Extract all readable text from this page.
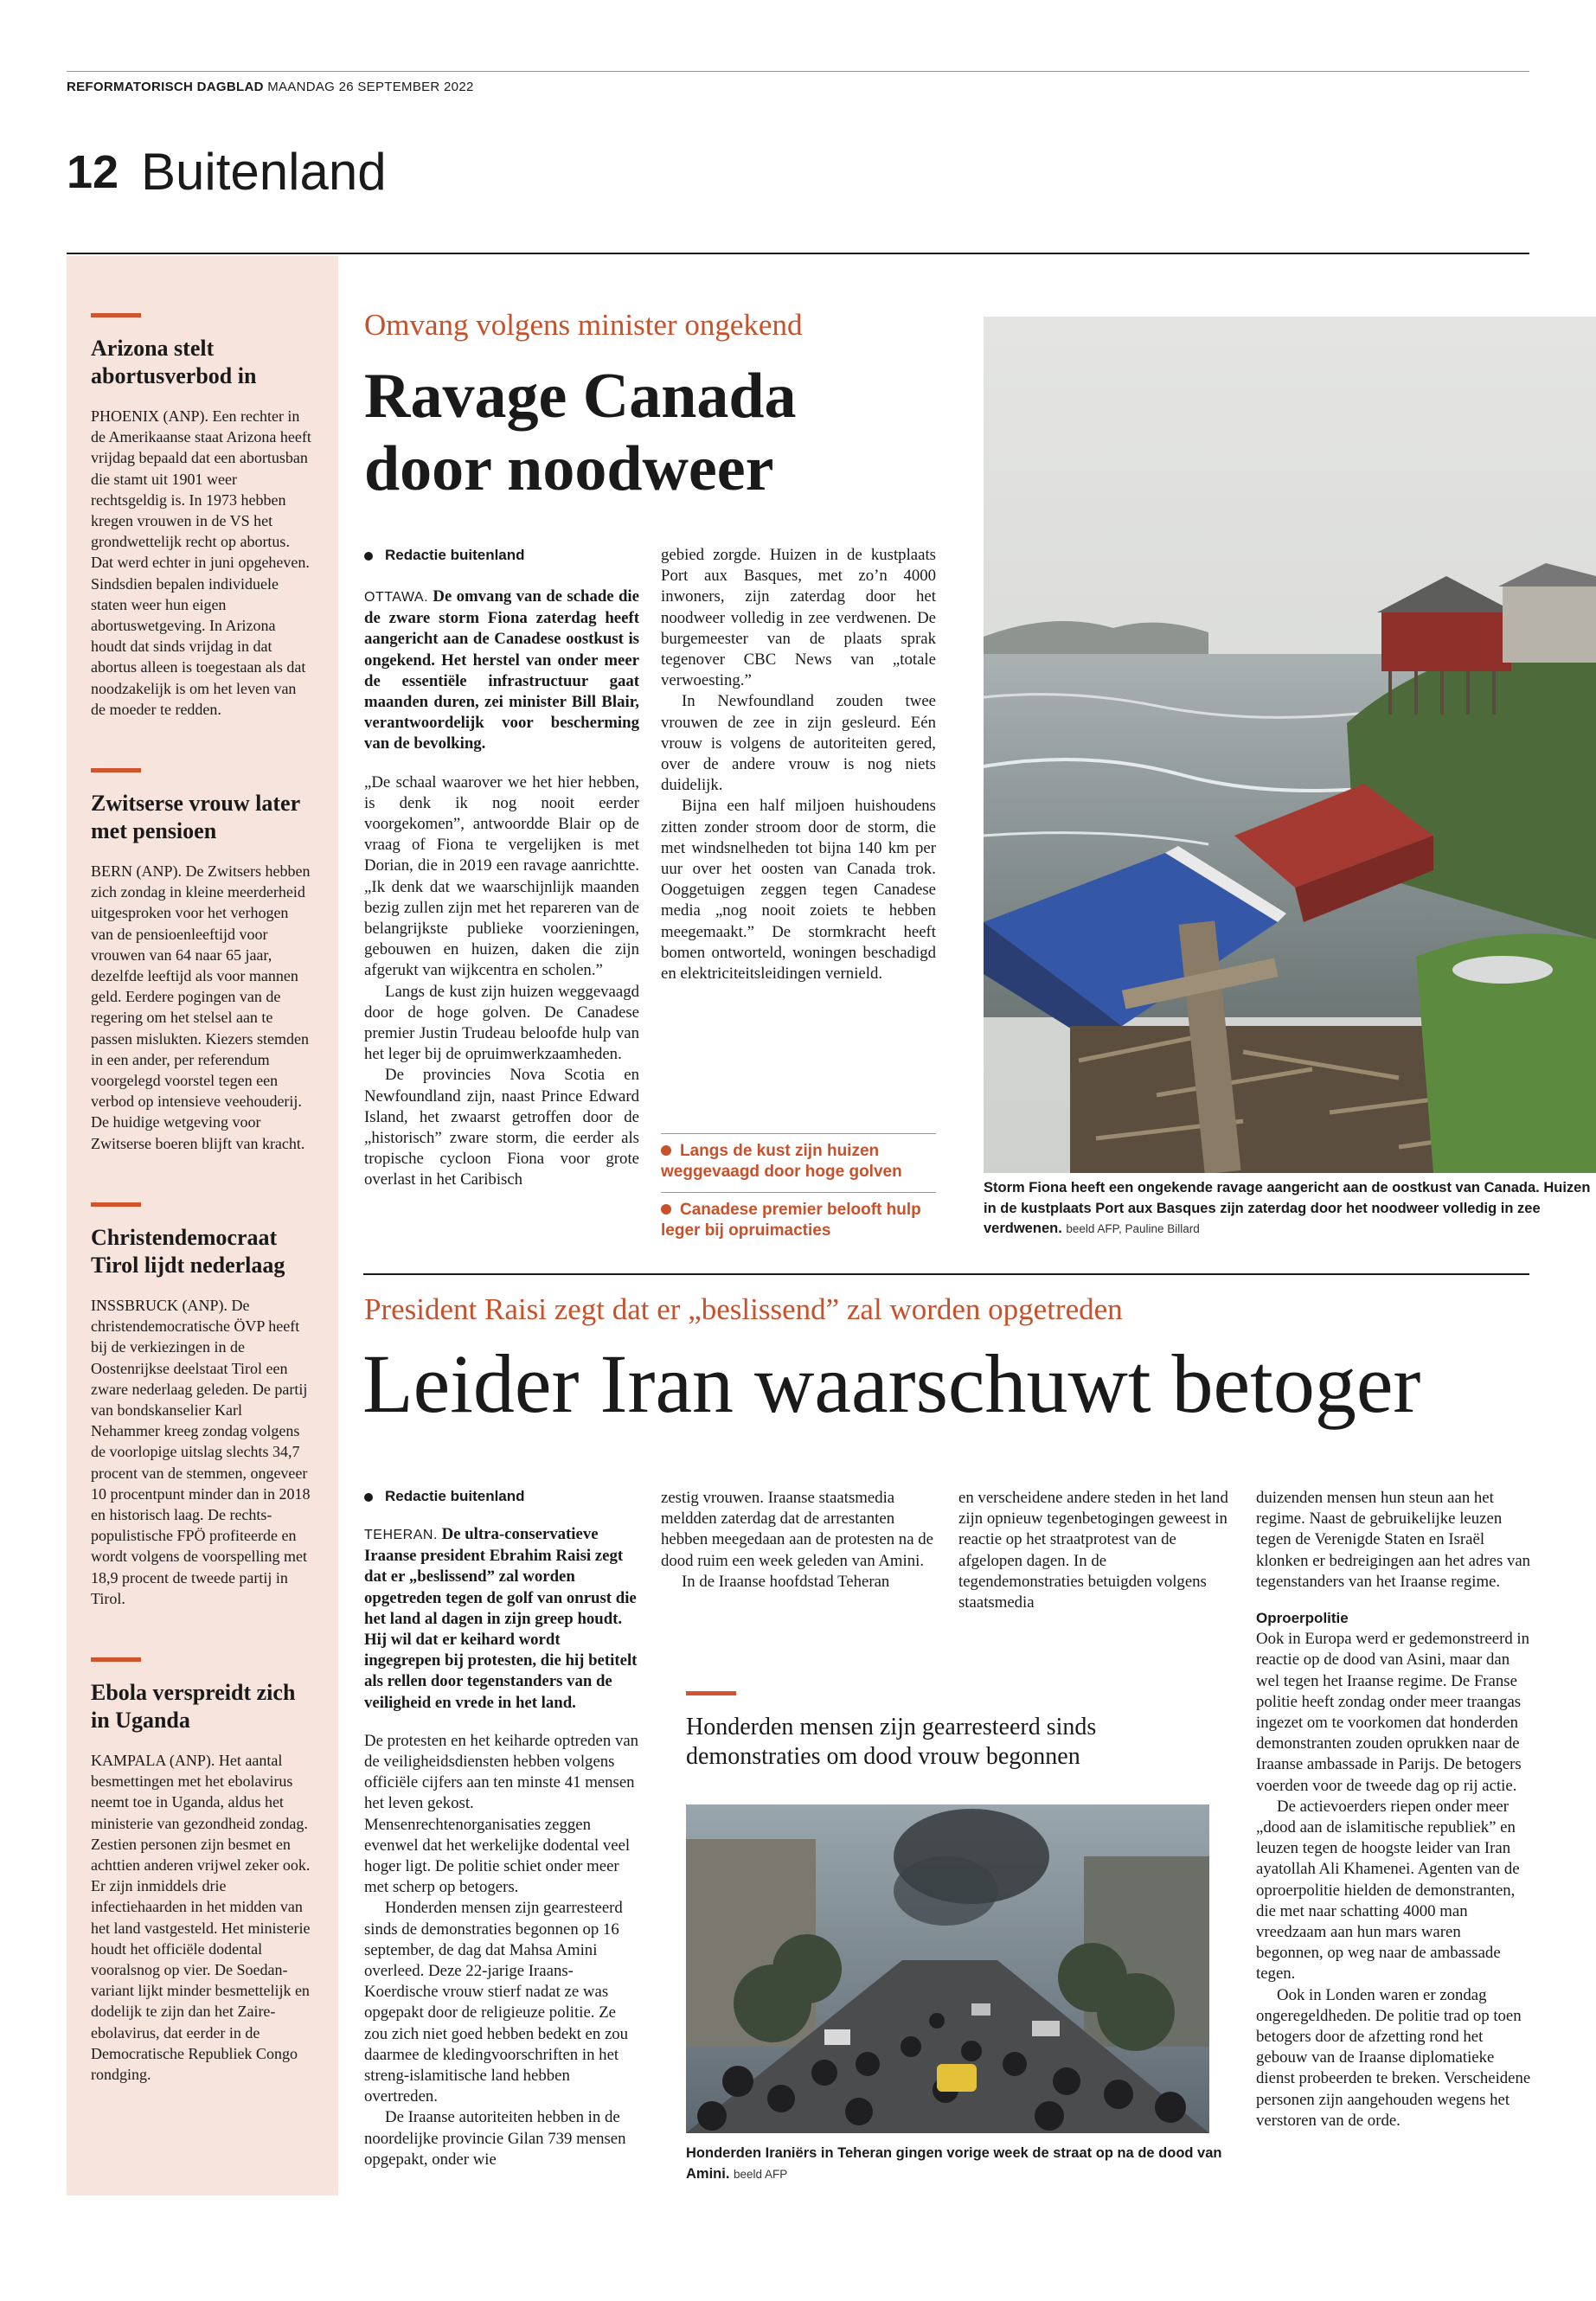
REFORMATORISCH DAGBLAD MAANDAG 26 SEPTEMBER 2022
12 Buitenland
Arizona stelt abortusverbod in
PHOENIX (ANP). Een rechter in de Amerikaanse staat Arizona heeft vrijdag bepaald dat een abortusban die stamt uit 1901 weer rechtsgeldig is. In 1973 hebben kregen vrouwen in de VS het grondwettelijk recht op abortus. Dat werd echter in juni opgeheven. Sindsdien bepalen individuele staten weer hun eigen abortuswetgeving. In Arizona houdt dat sinds vrijdag in dat abortus alleen is toegestaan als dat noodzakelijk is om het leven van de moeder te redden.
Zwitserse vrouw later met pensioen
BERN (ANP). De Zwitsers hebben zich zondag in kleine meerderheid uitgesproken voor het verhogen van de pensioenleeftijd voor vrouwen van 64 naar 65 jaar, dezelfde leeftijd als voor mannen geld. Eerdere pogingen van de regering om het stelsel aan te passen mislukten. Kiezers stemden in een ander, per referendum voorgelegd voorstel tegen een verbod op intensieve veehouderij. De huidige wetgeving voor Zwitserse boeren blijft van kracht.
Christendemocraat Tirol lijdt nederlaag
INSSBRUCK (ANP). De christendemocratische ÖVP heeft bij de verkiezingen in de Oostenrijkse deelstaat Tirol een zware nederlaag geleden. De partij van bondskanselier Karl Nehammer kreeg zondag volgens de voorlopige uitslag slechts 34,7 procent van de stemmen, ongeveer 10 procentpunt minder dan in 2018 en historisch laag. De rechts-populistische FPÖ profiteerde en wordt volgens de voorspelling met 18,9 procent de tweede partij in Tirol.
Ebola verspreidt zich in Uganda
KAMPALA (ANP). Het aantal besmettingen met het ebolavirus neemt toe in Uganda, aldus het ministerie van gezondheid zondag. Zestien personen zijn besmet en achttien anderen vrijwel zeker ook. Er zijn inmiddels drie infectiehaarden in het midden van het land vastgesteld. Het ministerie houdt het officiële dodental vooralsnog op vier. De Soedan-variant lijkt minder besmettelijk en dodelijk te zijn dan het Zaire-ebolavirus, dat eerder in de Democratische Republiek Congo rondging.
Omvang volgens minister ongekend
Ravage Canada
door noodweer
Redactie buitenland

OTTAWA. De omvang van de schade die de zware storm Fiona zaterdag heeft aangericht aan de Canadese oostkust is ongekend. Het herstel van onder meer de essentiële infrastructuur gaat maanden duren, zei minister Bill Blair, verantwoordelijk voor bescherming van de bevolking.

„De schaal waarover we het hier hebben, is denk ik nog nooit eerder voorgekomen”, antwoordde Blair op de vraag of Fiona te vergelijken is met Dorian, die in 2019 een ravage aanrichtte. „Ik denk dat we waarschijnlijk maanden bezig zullen zijn met het repareren van de belangrijkste publieke voorzieningen, gebouwen en huizen, daken die zijn afgerukt van wijkcentra en scholen.”

Langs de kust zijn huizen weggevaagd door de hoge golven. De Canadese premier Justin Trudeau beloofde hulp van het leger bij de opruimwerkzaamheden.

De provincies Nova Scotia en Newfoundland zijn, naast Prince Edward Island, het zwaarst getroffen door de „historisch” zware storm, die eerder als tropische cycloon Fiona voor grote overlast in het Caribisch

gebied zorgde. Huizen in de kustplaats Port aux Basques, met zo’n 4000 inwoners, zijn zaterdag door het noodweer volledig in zee verdwenen. De burgemeester van de plaats sprak tegenover CBC News van „totale verwoesting.”

In Newfoundland zouden twee vrouwen de zee in zijn gesleurd. Eén vrouw is volgens de autoriteiten gered, over de andere vrouw is nog niets duidelijk.

Bijna een half miljoen huishoudens zitten zonder stroom door de storm, die met windsnelheden tot bijna 140 km per uur over het oosten van Canada trok. Ooggetuigen zeggen tegen Canadese media „nog nooit zoiets te hebben meegemaakt.” De stormkracht heeft bomen ontworteld, woningen beschadigd en elektriciteitsleidingen vernield.

Langs de kust zijn huizen weggevaagd door hoge golven
Canadese premier belooft hulp leger bij opruimacties
Storm Fiona heeft een ongekende ravage aangericht aan de oostkust van Canada. Huizen in de kustplaats Port aux Basques zijn zaterdag door het noodweer volledig in zee verdwenen. beeld AFP, Pauline Billard
President Raisi zegt dat er „beslissend” zal worden opgetreden
Leider Iran waarschuwt betoger
Redactie buitenland

TEHERAN. De ultra-conservatieve Iraanse president Ebrahim Raisi zegt dat er „beslissend” zal worden opgetreden tegen de golf van onrust die het land al dagen in zijn greep houdt. Hij wil dat er keihard wordt ingegrepen bij protesten, die hij betitelt als rellen door tegenstanders van de veiligheid en vrede in het land.

De protesten en het keiharde optreden van de veiligheidsdiensten hebben volgens officiële cijfers aan ten minste 41 mensen het leven gekost. Mensenrechtenorganisaties zeggen evenwel dat het werkelijke dodental veel hoger ligt. De politie schiet onder meer met scherp op betogers.

Honderden mensen zijn gearresteerd sinds de demonstraties begonnen op 16 september, de dag dat Mahsa Amini overleed. Deze 22-jarige Iraans-Koerdische vrouw stierf nadat ze was opgepakt door de religieuze politie. Ze zou zich niet goed hebben bedekt en zou daarmee de kledingvoorschriften in het streng-islamitische land hebben overtreden.

De Iraanse autoriteiten hebben in de noordelijke provincie Gilan 739 mensen opgepakt, onder wie

zestig vrouwen. Iraanse staatsmedia meldden zaterdag dat de arrestanten hebben meegedaan aan de protesten na de dood ruim een week geleden van Amini.

In de Iraanse hoofdstad Teheran

en verscheidene andere steden in het land zijn opnieuw tegenbetogingen geweest in reactie op het straatprotest van de afgelopen dagen. In de tegendemonstraties betuigden volgens staatsmedia

duizenden mensen hun steun aan het regime. Naast de gebruikelijke leuzen tegen de Verenigde Staten en Israël klonken er bedreigingen aan het adres van tegenstanders van het Iraanse regime.

Oproerpolitie

Ook in Europa werd er gedemonstreerd in reactie op de dood van Asini, maar dan wel tegen het Iraanse regime. De Franse politie heeft zondag onder meer traangas ingezet om te voorkomen dat honderden demonstranten zouden oprukken naar de Iraanse ambassade in Parijs. De betogers voerden voor de tweede dag op rij actie.

De actievoerders riepen onder meer „dood aan de islamitische republiek” en leuzen tegen de hoogste leider van Iran ayatollah Ali Khamenei. Agenten van de oproerpolitie hielden de demonstranten, die met naar schatting 4000 man vreedzaam aan hun mars waren begonnen, op weg naar de ambassade tegen.

Ook in Londen waren er zondag ongeregeldheden. De politie trad op toen betogers door de afzetting rond het gebouw van de Iraanse diplomatieke dienst probeerden te breken. Verscheidene personen zijn aangehouden wegens het verstoren van de orde.

Honderden mensen zijn gearresteerd sinds demonstraties om dood vrouw begonnen
Honderden Iraniërs in Teheran gingen vorige week de straat op na de dood van Amini. beeld AFP
